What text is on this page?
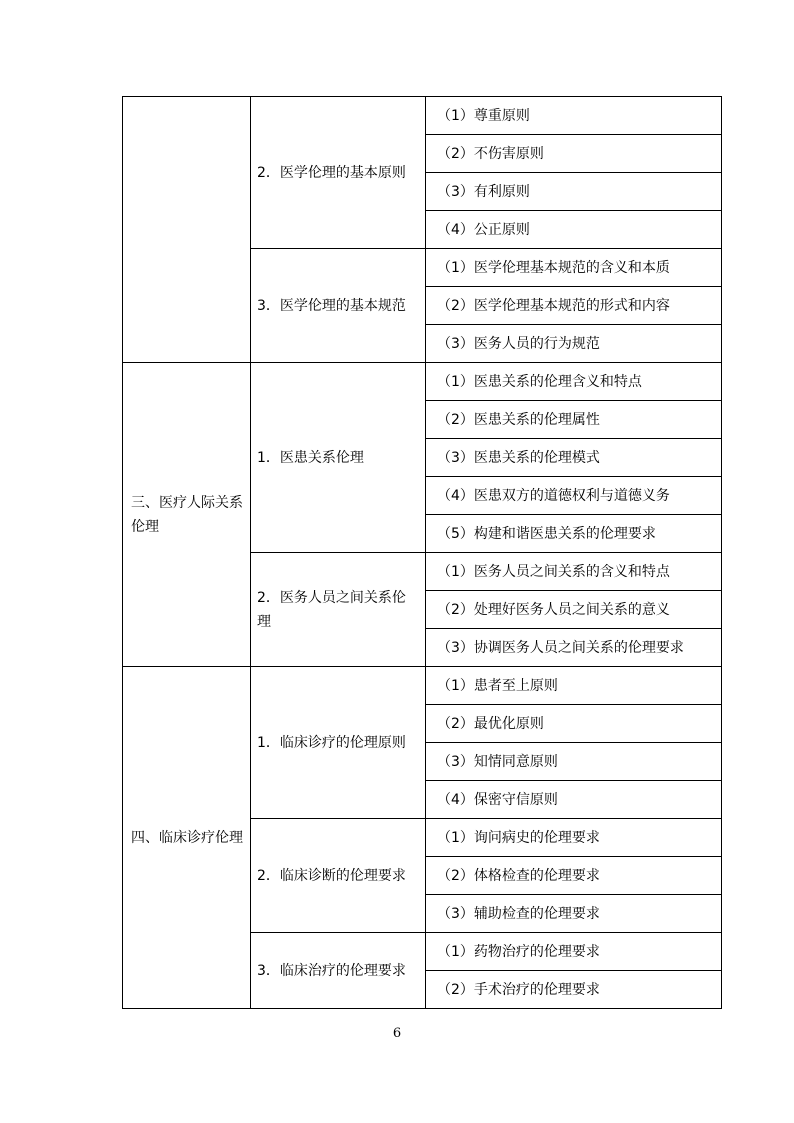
	2．医学伦理的基本原则	（1）尊重原则
		（2）不伤害原则
		（3）有利原则
		（4）公正原则

	3．医学伦理的基本规范	（1）医学伦理基本规范的含义和本质
		（2）医学伦理基本规范的形式和内容
		（3）医务人员的行为规范

三、医疗人际关系伦理	1．医患关系伦理	（1）医患关系的伦理含义和特点
		（2）医患关系的伦理属性
		（3）医患关系的伦理模式
		（4）医患双方的道德权利与道德义务
		（5）构建和谐医患关系的伦理要求

	2．医务人员之间关系伦理	（1）医务人员之间关系的含义和特点
		（2）处理好医务人员之间关系的意义
		（3）协调医务人员之间关系的伦理要求

四、临床诊疗伦理	1．临床诊疗的伦理原则	（1）患者至上原则
		（2）最优化原则
		（3）知情同意原则
		（4）保密守信原则

	2．临床诊断的伦理要求	（1）询问病史的伦理要求
		（2）体格检查的伦理要求
		（3）辅助检查的伦理要求

	3．临床治疗的伦理要求	（1）药物治疗的伦理要求
		（2）手术治疗的伦理要求
6
